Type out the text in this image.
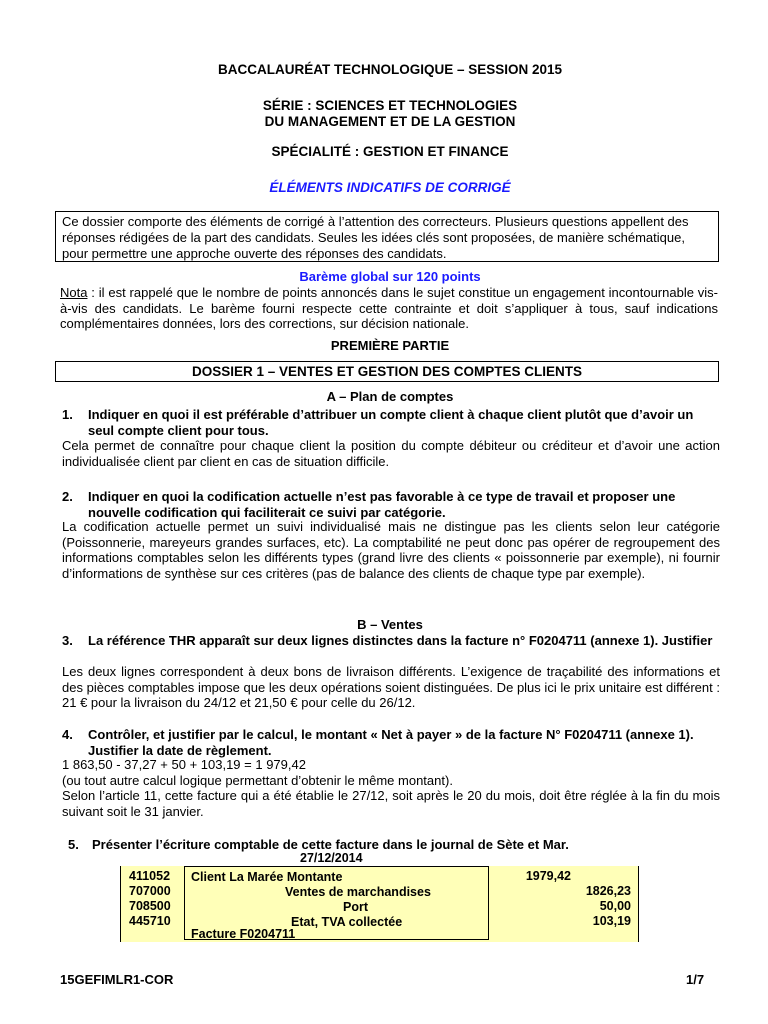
BACCALAURÉAT TECHNOLOGIQUE – SESSION 2015
SÉRIE : SCIENCES ET TECHNOLOGIES
DU MANAGEMENT ET DE LA GESTION
SPÉCIALITÉ : GESTION ET FINANCE
ÉLÉMENTS INDICATIFS DE CORRIGÉ
Ce dossier comporte des éléments de corrigé à l’attention des correcteurs. Plusieurs questions appellent des réponses rédigées de la part des candidats. Seules les idées clés sont proposées, de manière schématique, pour permettre une approche ouverte des réponses des candidats.
Barème global sur 120 points
Nota : il est rappelé que le nombre de points annoncés dans le sujet constitue un engagement incontournable vis-à-vis des candidats. Le barème fourni respecte cette contrainte et doit s’appliquer à tous, sauf indications complémentaires données, lors des corrections, sur décision nationale.
PREMIÈRE PARTIE
DOSSIER 1 – VENTES ET GESTION DES COMPTES CLIENTS
A – Plan de comptes
1. Indiquer en quoi il est préférable d’attribuer un compte client à chaque client plutôt que d’avoir un seul compte client pour tous.
Cela permet de connaître pour chaque client la position du compte débiteur ou créditeur et d’avoir une action individualisée client par client en cas de situation difficile.
2. Indiquer en quoi la codification actuelle n’est pas favorable à ce type de travail et proposer une nouvelle codification qui faciliterait ce suivi par catégorie.
La codification actuelle permet un suivi individualisé mais ne distingue pas les clients selon leur catégorie (Poissonnerie, mareyeurs grandes surfaces, etc). La comptabilité ne peut donc pas opérer de regroupement des informations comptables selon les différents types (grand livre des clients « poissonnerie par exemple), ni fournir d’informations de synthèse sur ces critères (pas de balance des clients de chaque type par exemple).
B – Ventes
3. La référence THR apparaît sur deux lignes distinctes dans la facture n° F0204711 (annexe 1). Justifier
Les deux lignes correspondent à deux bons de livraison différents. L’exigence de traçabilité des informations et des pièces comptables impose que les deux opérations soient distinguées. De plus ici le prix unitaire est différent : 21 € pour la livraison du 24/12 et 21,50 € pour celle du 26/12.
4. Contrôler, et justifier par le calcul, le montant « Net à payer » de la facture N° F0204711 (annexe 1). Justifier la date de règlement.

1 863,50 - 37,27 + 50 + 103,19 = 1 979,42

(ou tout autre calcul logique permettant d’obtenir le même montant).

Selon l’article 11, cette facture qui a été établie le 27/12, soit après le 20 du mois, doit être réglée à la fin du mois suivant soit le 31 janvier.

5. Présenter l’écriture comptable de cette facture dans le journal de Sète et Mar.
27/12/2014
411052
707000
708500
445710
Client La Marée Montante
Ventes de marchandises
Port
Etat, TVA collectée
Facture F0204711
1979,42
1826,23
50,00
103,19
15GEFIMLR1-COR	1/7
